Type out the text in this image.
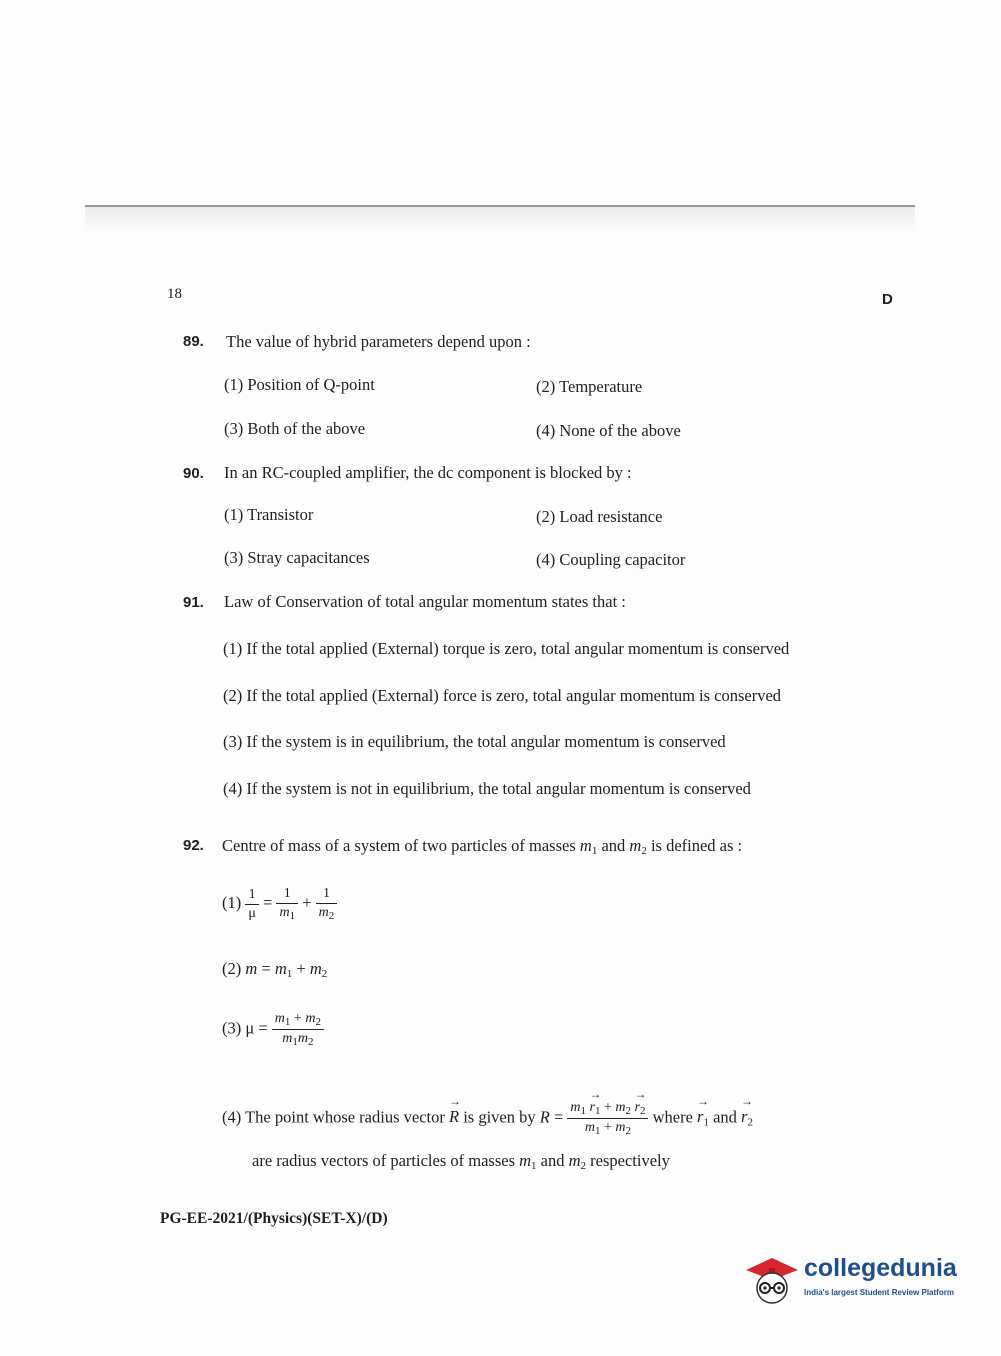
18	D
89. The value of hybrid parameters depend upon :
(1) Position of Q-point	(2) Temperature
(3) Both of the above	(4) None of the above
90. In an RC-coupled amplifier, the dc component is blocked by :
(1) Transistor	(2) Load resistance
(3) Stray capacitances	(4) Coupling capacitor
91. Law of Conservation of total angular momentum states that :
(1) If the total applied (External) torque is zero, total angular momentum is conserved
(2) If the total applied (External) force is zero, total angular momentum is conserved
(3) If the system is in equilibrium, the total angular momentum is conserved
(4) If the system is not in equilibrium, the total angular momentum is conserved
92. Centre of mass of a system of two particles of masses $m_1$ and $m_2$ is defined as :
$(1) \frac{1}{\mu} = \frac{1}{m_1} + \frac{1}{m_2}$
(2) $m = m_1 + m_2$
(3) $\mu = \frac{m_1 + m_2}{m_1m_2}$
(4) The point whose radius vector → R is given by $R = \frac{m_1 \to r_1 + m_2 \to r_2}{m_1 + m_2}$ where → $r_1$ and → $r_2$
are radius vectors of particles of masses $m_1$ and $m_2$ respectively
PG-EE-2021/(Physics)(SET-X)/(D)
collegedunia
India's largest Student Review Platform
